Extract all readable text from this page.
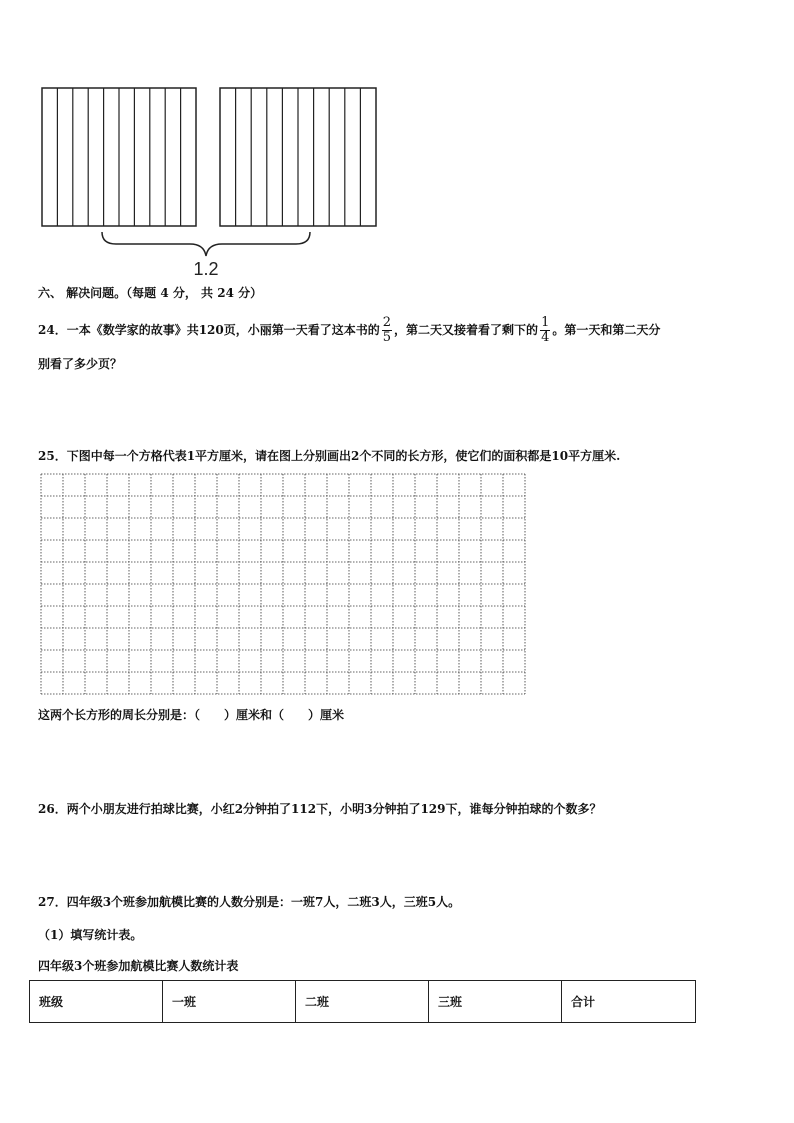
1.2
六、 解决问题。（每题 4 分， 共 24 分）
24．一本《数学家的故事》共120页，小丽第一天看了这本书的 $\frac{2}{5}$ ，第二天又接着看了剩下的 $\frac{1}{4}$ 。第一天和第二天分
别看了多少页？
25．下图中每一个方格代表1平方厘米，请在图上分别画出2个不同的长方形，使它们的面积都是10平方厘米.
这两个长方形的周长分别是：（　　）厘米和（　　）厘米
26．两个小朋友进行拍球比赛，小红2分钟拍了112下，小明3分钟拍了129下，谁每分钟拍球的个数多？
27．四年级3个班参加航模比赛的人数分别是：一班7人，二班3人，三班5人。
（1）填写统计表。
四年级3个班参加航模比赛人数统计表
班级	一班	二班	三班	合计
